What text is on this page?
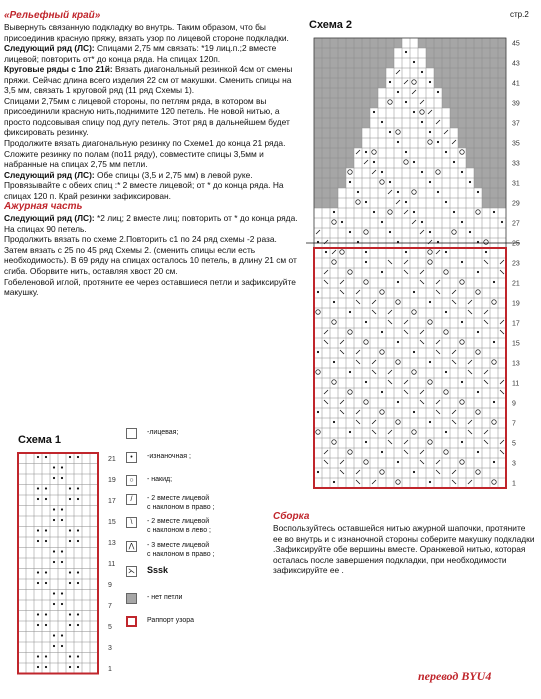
стр.2
«Рельефный край»

Вывернуть связанную подкладку во внутрь. Таким образом, что бы присоединив красную пряжу, вязать узор по лицевой стороне подкладки.

Следующий ряд (ЛС): Спицами 2,75 мм связать: *19 лиц.п.;2 вместе лицевой; повторить от* до конца ряда. На спицах 120п.

Круговые ряды с 1по 21й: Вязать диагональный резинкой 4см от смены пряжи. Сейчас длина всего изделия 22 см от макушки. Сменить спицы на 3,5 мм, связать 1 круговой ряд (11 ряд Схемы 1).

Спицами 2,75мм с лицевой стороны, по петлям ряда, в котором вы присоединили красную нить,поднимите 120 петель. Не новой нитью, а просто подсовывая спицу под дугу петель. Этот ряд в дальнейшем будет фиксировать резинку.

Продолжите вязать диагональную резинку по Схеме1 до конца 21 ряда. Сложите резинку по полам (по11 ряду), совместите спицы 3,5мм и набранные на спицах 2,75 мм петли.

Следующий ряд (ЛС): Обе спицы (3,5 и 2,75 мм) в левой руке. Провязывайте с обеих спиц :* 2 вместе лицевой; от * до конца ряда. На спицах 120 п. Край резинки зафиксирован.

Ажурная часть

Следующий ряд (ЛС): *2 лиц; 2 вместе лиц; повторить от * до конца ряда. На спицах 90 петель.

Продолжить вязать по схеме 2.Повторить с1 по 24 ряд схемы -2 раза. Затем вязать с 25 по 45 ряд Схемы 2. (сменить спицы если есть необходимость). В 69 ряду на спицах осталось 10 петель, в длину 21 см от сгиба. Оборвите нить, оставляя хвост 20 см.

Гобеленовой иглой, протяните ее через оставшиеся петли и зафиксируйте макушку.

Схема 2
45
43
41
39
37
35
33
31
29
27
25
23
21
19
17
15
13
11
9
7
5
3
1
Схема 1
21
19
17
15
13
11
9
7
5
3
1
-лицевая;
•	-изнаночная ;
○	- накид;
/	- 2 вместе лицевой
с наклоном в право ;
\	- 2 вместе лицевой
с наклоном в лево ;
⋀	- 3 вместе лицевой
с наклоном в право ;
⋋ Sssk
- нет петли
Раппорт узора
Сборка

Воспользуйтесь оставшейся нитью ажурной шапочки, протяните ее во внутрь и с изнаночной стороны соберите макушку подкладки .Зафиксируйте обе вершины вместе. Оранжевой нитью, которая осталась после завершения подкладки, при необходимости зафиксируйте ее .

перевод BYU4
